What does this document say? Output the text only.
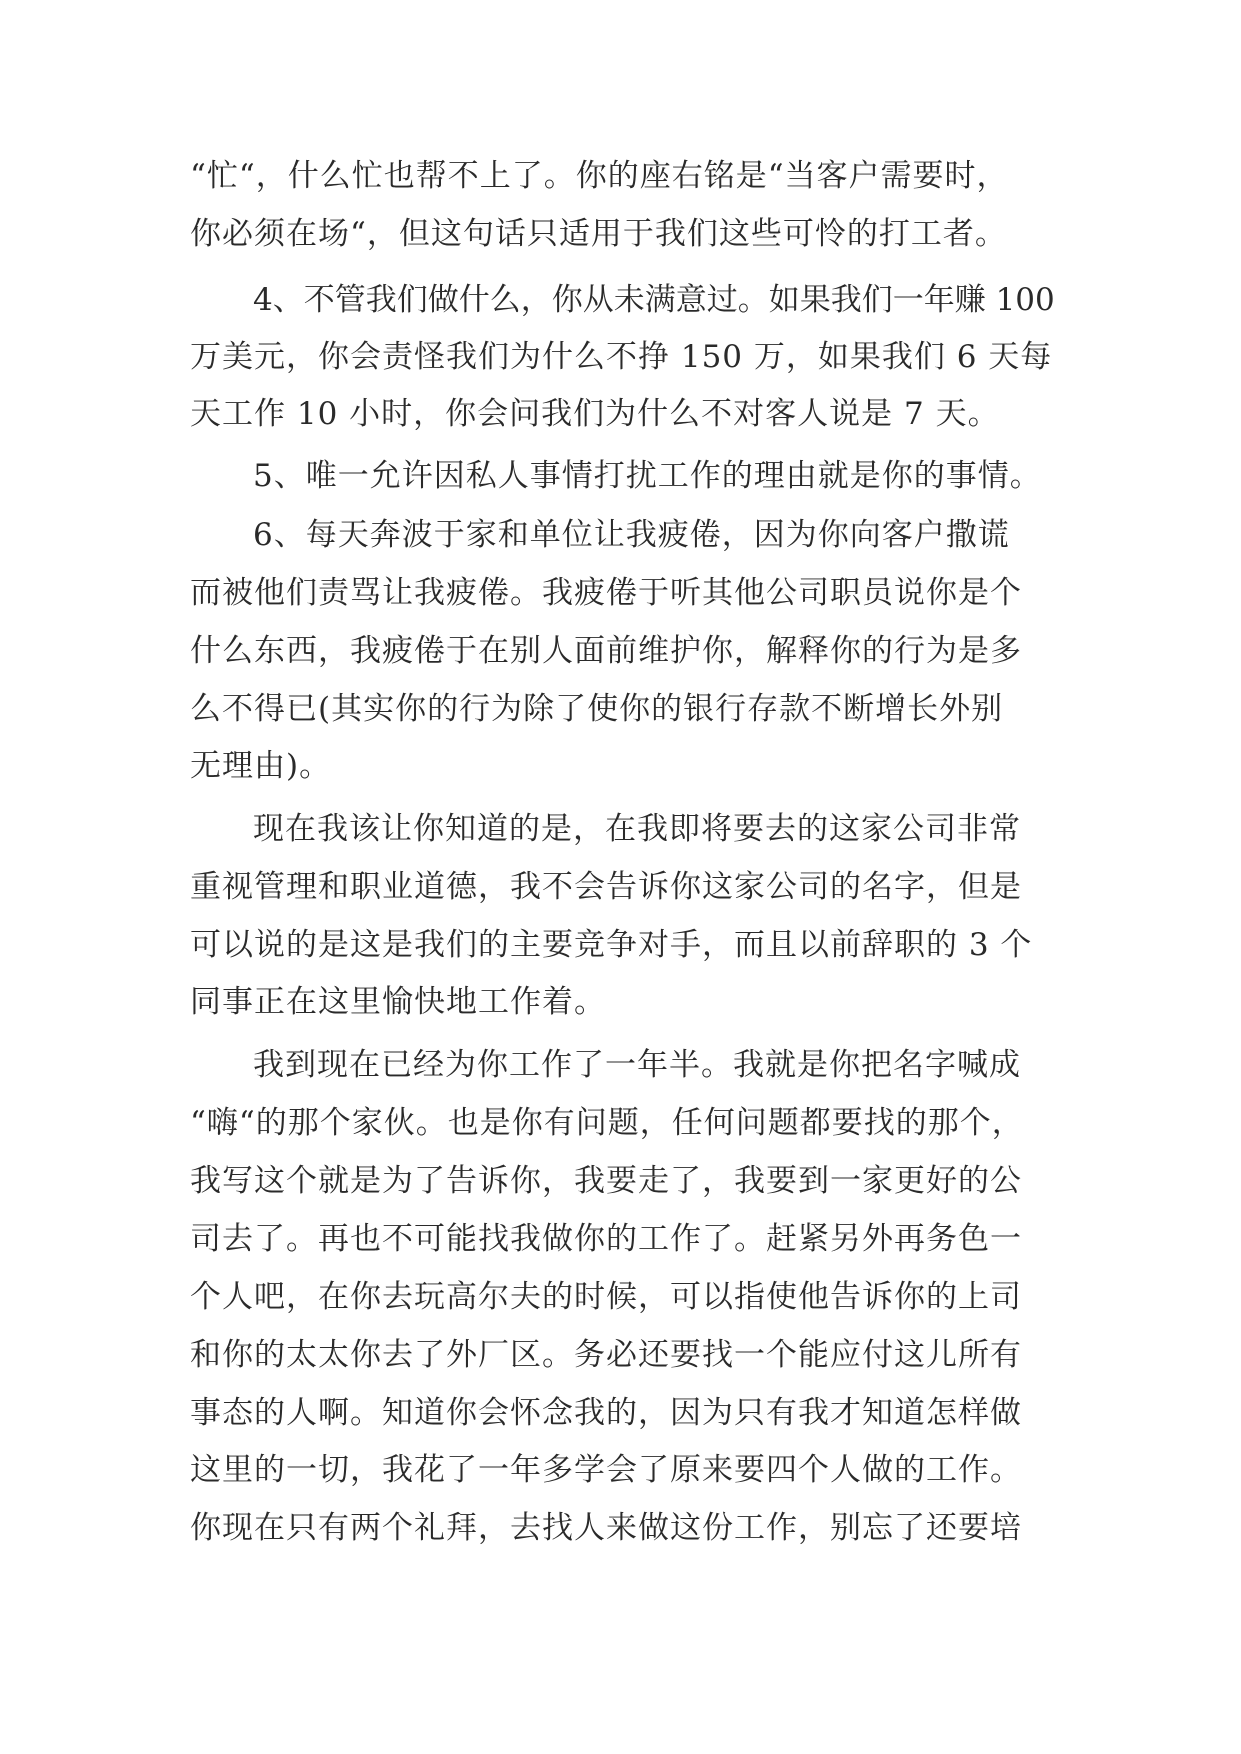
“忙“，什么忙也帮不上了。你的座右铭是“当客户需要时，
你必须在场“，但这句话只适用于我们这些可怜的打工者。
4、不管我们做什么，你从未满意过。如果我们一年赚 100
万美元，你会责怪我们为什么不挣 150 万，如果我们 6 天每
天工作 10 小时，你会问我们为什么不对客人说是 7 天。
5、唯一允许因私人事情打扰工作的理由就是你的事情。
6、每天奔波于家和单位让我疲倦，因为你向客户撒谎
而被他们责骂让我疲倦。我疲倦于听其他公司职员说你是个
什么东西，我疲倦于在别人面前维护你，解释你的行为是多
么不得已(其实你的行为除了使你的银行存款不断增长外别
无理由)。
现在我该让你知道的是，在我即将要去的这家公司非常
重视管理和职业道德，我不会告诉你这家公司的名字，但是
可以说的是这是我们的主要竞争对手，而且以前辞职的 3 个
同事正在这里愉快地工作着。
我到现在已经为你工作了一年半。我就是你把名字喊成
“嗨“的那个家伙。也是你有问题，任何问题都要找的那个，
我写这个就是为了告诉你，我要走了，我要到一家更好的公
司去了。再也不可能找我做你的工作了。赶紧另外再务色一
个人吧，在你去玩高尔夫的时候，可以指使他告诉你的上司
和你的太太你去了外厂区。务必还要找一个能应付这儿所有
事态的人啊。知道你会怀念我的，因为只有我才知道怎样做
这里的一切，我花了一年多学会了原来要四个人做的工作。
你现在只有两个礼拜，去找人来做这份工作，别忘了还要培
